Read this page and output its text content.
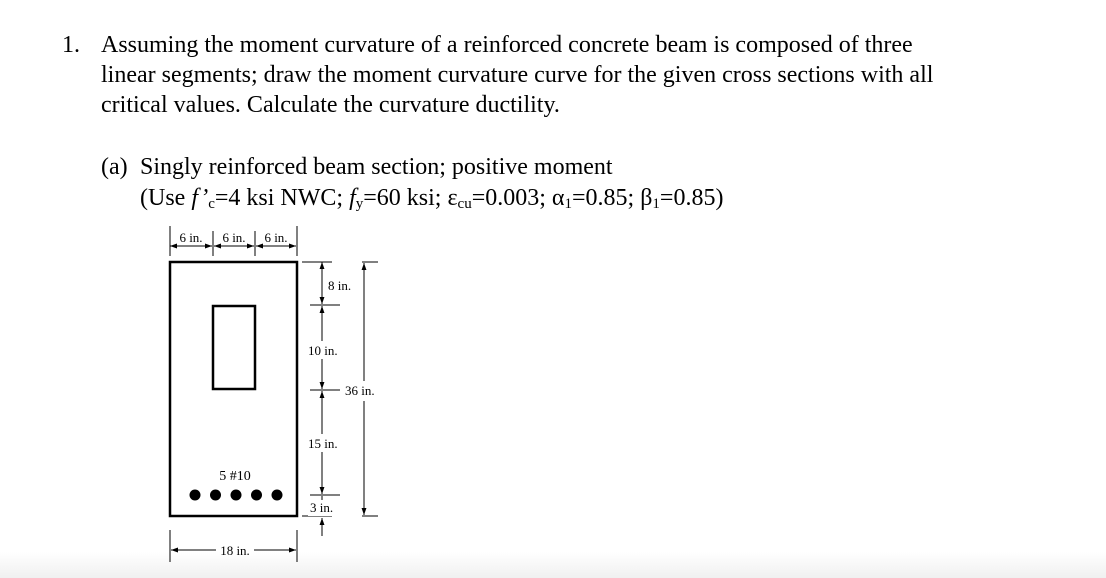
1. Assuming the moment curvature of a reinforced concrete beam is composed of three
linear segments; draw the moment curvature curve for the given cross sections with all
critical values. Calculate the curvature ductility.
(a) Singly reinforced beam section; positive moment
(Use $f’_c=4$ ksi NWC; $f_y=60$ ksi; $\varepsilon_{cu}=0.003$; $\alpha_1=0.85$; $\beta_1=0.85$)
6 in. 6 in. 6 in.
5 #10
8 in.
10 in.
15 in.
3 in.
36 in.
18 in.
